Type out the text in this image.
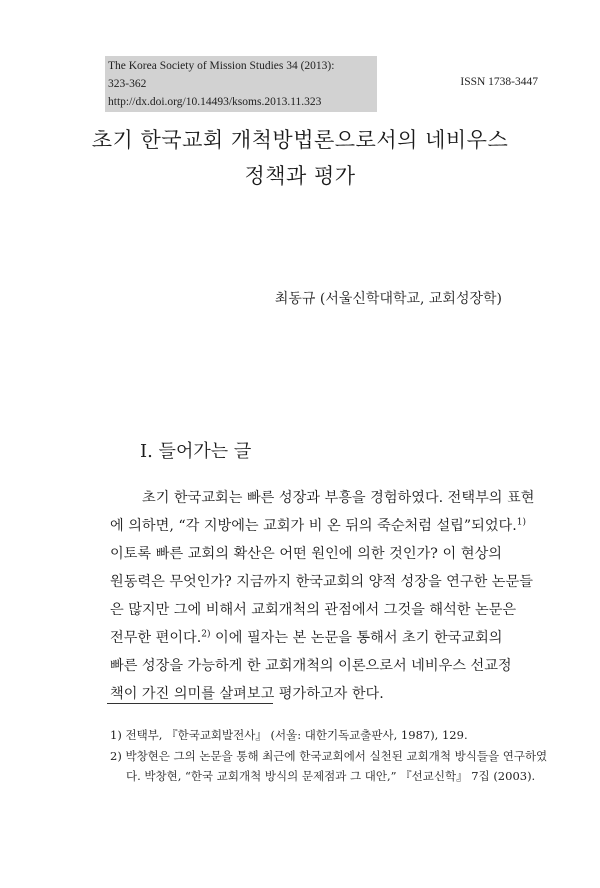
The Korea Society of Mission Studies 34 (2013):
323-362
http://dx.doi.org/10.14493/ksoms.2013.11.323
ISSN 1738-3447
초기 한국교회 개척방법론으로서의 네비우스
정책과 평가
최동규 (서울신학대학교, 교회성장학)
Ⅰ. 들어가는 글
초기 한국교회는 빠른 성장과 부흥을 경험하였다. 전택부의 표현
에 의하면, “각 지방에는 교회가 비 온 뒤의 죽순처럼 설립”되었다.$^{1)}$
이토록 빠른 교회의 확산은 어떤 원인에 의한 것인가? 이 현상의
원동력은 무엇인가? 지금까지 한국교회의 양적 성장을 연구한 논문들
은 많지만 그에 비해서 교회개척의 관점에서 그것을 해석한 논문은
전무한 편이다.$^{2)}$ 이에 필자는 본 논문을 통해서 초기 한국교회의
빠른 성장을 가능하게 한 교회개척의 이론으로서 네비우스 선교정
책이 가진 의미를 살펴보고 평가하고자 한다.
1) 전택부, 『한국교회발전사』 (서울: 대한기독교출판사, 1987), 129.
2) 박창현은 그의 논문을 통해 최근에 한국교회에서 실천된 교회개척 방식들을 연구하였
다. 박창현, “한국 교회개척 방식의 문제점과 그 대안,” 『선교신학』 7집 (2003).
